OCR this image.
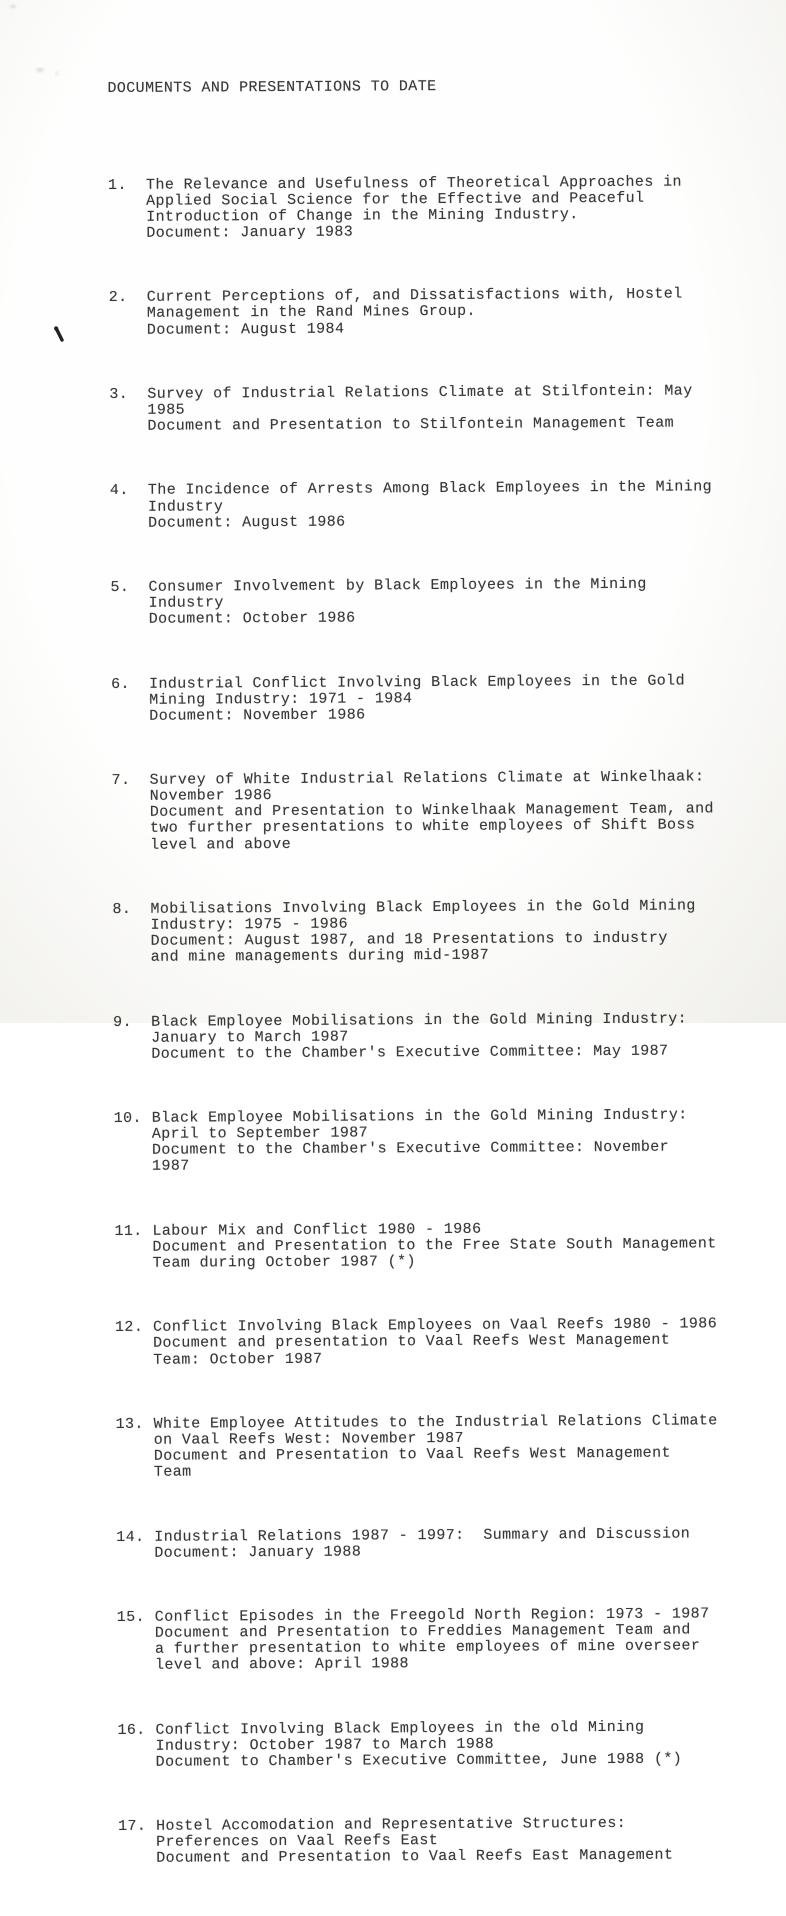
DOCUMENTS AND PRESENTATIONS TO DATE

1.	The Relevance and Usefulness of Theoretical Approaches in
Applied Social Science for the Effective and Peaceful
Introduction of Change in the Mining Industry.
Document: January 1983

2.	Current Perceptions of, and Dissatisfactions with, Hostel
Management in the Rand Mines Group.
Document: August 1984

3.	Survey of Industrial Relations Climate at Stilfontein: May
1985
Document and Presentation to Stilfontein Management Team

4.	The Incidence of Arrests Among Black Employees in the Mining
Industry
Document: August 1986

5.	Consumer Involvement by Black Employees in the Mining
Industry
Document: October 1986

6.	Industrial Conflict Involving Black Employees in the Gold
Mining Industry: 1971 - 1984
Document: November 1986

7.	Survey of White Industrial Relations Climate at Winkelhaak:
November 1986
Document and Presentation to Winkelhaak Management Team, and
two further presentations to white employees of Shift Boss
level and above

8.	Mobilisations Involving Black Employees in the Gold Mining
Industry: 1975 - 1986
Document: August 1987, and 18 Presentations to industry
and mine managements during mid-1987

9.	Black Employee Mobilisations in the Gold Mining Industry:
January to March 1987
Document to the Chamber's Executive Committee: May 1987

10. Black Employee Mobilisations in the Gold Mining Industry:
April to September 1987
Document to the Chamber's Executive Committee: November
1987

11. Labour Mix and Conflict 1980 - 1986
Document and Presentation to the Free State South Management
Team during October 1987 (*)

12. Conflict Involving Black Employees on Vaal Reefs 1980 - 1986
Document and presentation to Vaal Reefs West Management
Team: October 1987

13. White Employee Attitudes to the Industrial Relations Climate
on Vaal Reefs West: November 1987
Document and Presentation to Vaal Reefs West Management
Team

14. Industrial Relations 1987 - 1997:  Summary and Discussion
Document: January 1988

15. Conflict Episodes in the Freegold North Region: 1973 - 1987
Document and Presentation to Freddies Management Team and
a further presentation to white employees of mine overseer
level and above: April 1988

16. Conflict Involving Black Employees in the old Mining
Industry: October 1987 to March 1988
Document to Chamber's Executive Committee, June 1988 (*)

17. Hostel Accomodation and Representative Structures:
Preferences on Vaal Reefs East
Document and Presentation to Vaal Reefs East Management
